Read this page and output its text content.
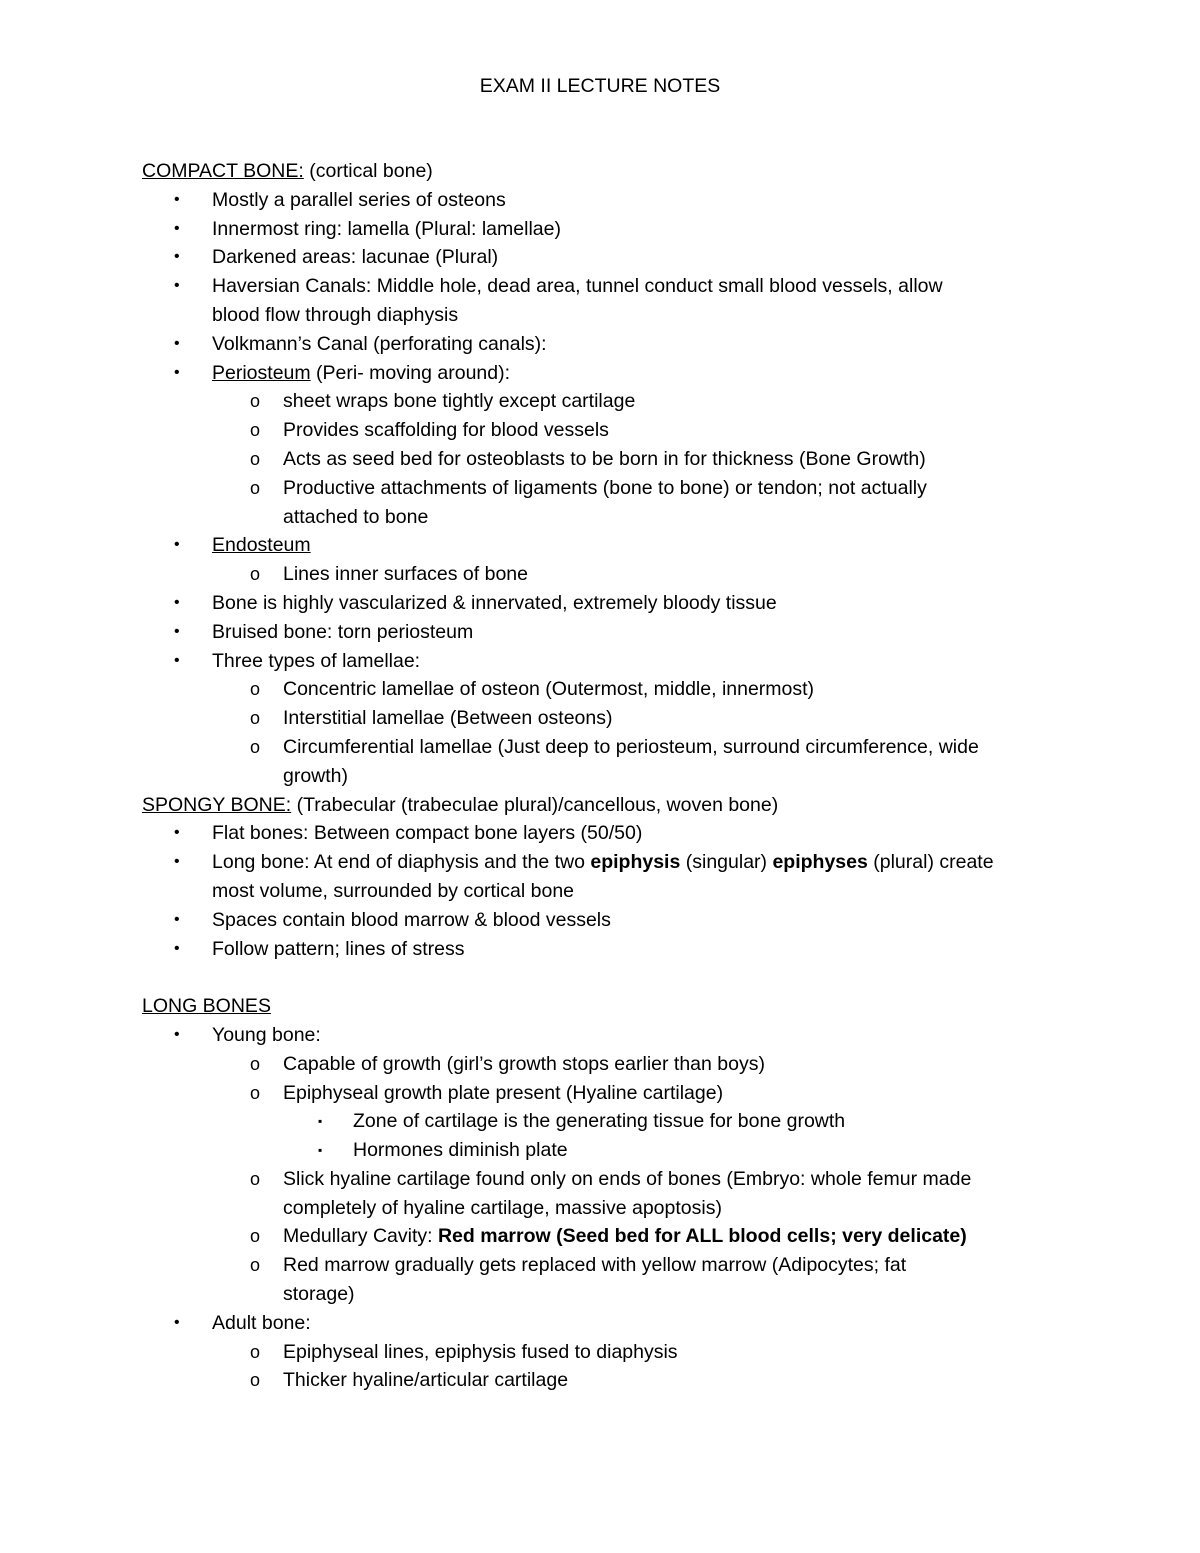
EXAM II LECTURE NOTES
COMPACT BONE: (cortical bone)
• Mostly a parallel series of osteons
• Innermost ring: lamella (Plural: lamellae)
• Darkened areas: lacunae (Plural)
• Haversian Canals: Middle hole, dead area, tunnel conduct small blood vessels, allow
blood flow through diaphysis
• Volkmann’s Canal (perforating canals):
• Periosteum (Peri- moving around):
o sheet wraps bone tightly except cartilage
o Provides scaffolding for blood vessels
o Acts as seed bed for osteoblasts to be born in for thickness (Bone Growth)
o Productive attachments of ligaments (bone to bone) or tendon; not actually
attached to bone
• Endosteum
o Lines inner surfaces of bone
• Bone is highly vascularized & innervated, extremely bloody tissue
• Bruised bone: torn periosteum
• Three types of lamellae:
o Concentric lamellae of osteon (Outermost, middle, innermost)
o Interstitial lamellae (Between osteons)
o Circumferential lamellae (Just deep to periosteum, surround circumference, wide
growth)
SPONGY BONE: (Trabecular (trabeculae plural)/cancellous, woven bone)
• Flat bones: Between compact bone layers (50/50)
• Long bone: At end of diaphysis and the two epiphysis (singular) epiphyses (plural) create
most volume, surrounded by cortical bone
• Spaces contain blood marrow & blood vessels
• Follow pattern; lines of stress
LONG BONES
• Young bone:
o Capable of growth (girl’s growth stops earlier than boys)
o Epiphyseal growth plate present (Hyaline cartilage)
▪ Zone of cartilage is the generating tissue for bone growth
▪ Hormones diminish plate
o Slick hyaline cartilage found only on ends of bones (Embryo: whole femur made
completely of hyaline cartilage, massive apoptosis)
o Medullary Cavity: Red marrow (Seed bed for ALL blood cells; very delicate)
o Red marrow gradually gets replaced with yellow marrow (Adipocytes; fat
storage)
• Adult bone:
o Epiphyseal lines, epiphysis fused to diaphysis
o Thicker hyaline/articular cartilage
